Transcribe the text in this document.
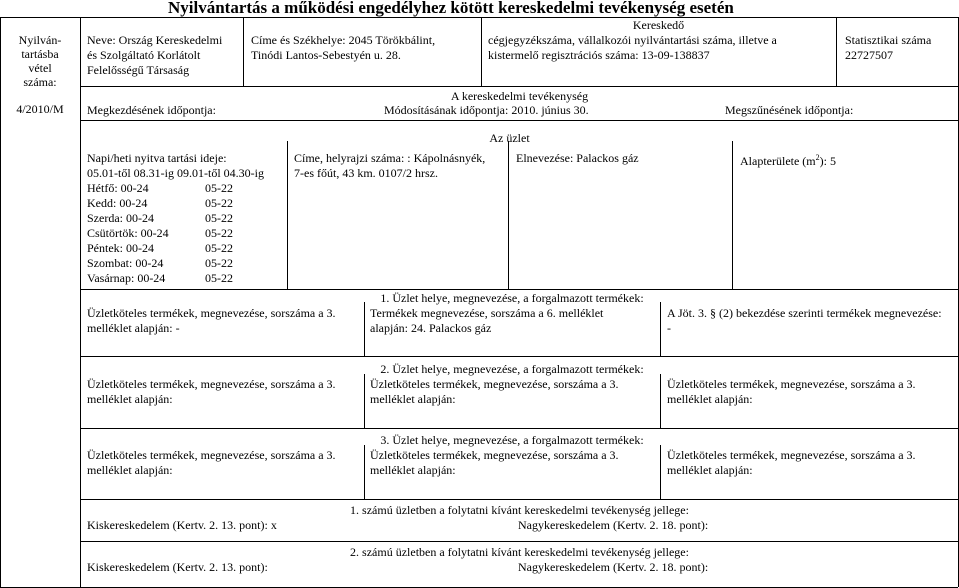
Nyilvántartás a működési engedélyhez kötött kereskedelmi tevékenység esetén
Nyilván-
tartásba
vétel
száma:
4/2010/M
Neve: Ország Kereskedelmi
és Szolgáltató Korlátolt
Felelősségű Társaság
Címe és Székhelye: 2045 Törökbálint,
Tinódi Lantos-Sebestyén u. 28.
Kereskedő
cégjegyzékszáma, vállalkozói nyilvántartási száma, illetve a
kistermelő regisztrációs száma: 13-09-138837
Statisztikai száma
22727507
A kereskedelmi tevékenység
Megkezdésének időpontja:	Módosításának időpontja: 2010. június 30.	Megszűnésének időpontja:
Az üzlet
Napi/heti nyitva tartási ideje:
05.01-től 08.31-ig 09.01-től 04.30-ig
Hétfő: 00-24	05-22
Kedd: 00-24	05-22
Szerda: 00-24	05-22
Csütörtök: 00-24	05-22
Péntek: 00-24	05-22
Szombat: 00-24	05-22
Vasárnap: 00-24	05-22
Címe, helyrajzi száma: : Kápolnásnyék,
7-es főút, 43 km. 0107/2 hrsz.
Elnevezése: Palackos gáz	Alapterülete $(m^2)$: 5
1. Üzlet helye, megnevezése, a forgalmazott termékek:
Üzletköteles termékek, megnevezése, sorszáma a 3.
melléklet alapján: -
Termékek megnevezése, sorszáma a 6. melléklet
alapján: 24. Palackos gáz
A Jöt. 3. § (2) bekezdése szerinti termékek megnevezése:
-
2. Üzlet helye, megnevezése, a forgalmazott termékek:
Üzletköteles termékek, megnevezése, sorszáma a 3.
melléklet alapján:
Üzletköteles termékek, megnevezése, sorszáma a 3.
melléklet alapján:
Üzletköteles termékek, megnevezése, sorszáma a 3.
melléklet alapján:
3. Üzlet helye, megnevezése, a forgalmazott termékek:
Üzletköteles termékek, megnevezése, sorszáma a 3.
melléklet alapján:
Üzletköteles termékek, megnevezése, sorszáma a 3.
melléklet alapján:
Üzletköteles termékek, megnevezése, sorszáma a 3.
melléklet alapján:
1. számú üzletben a folytatni kívánt kereskedelmi tevékenység jellege:
Kiskereskedelem (Kertv. 2. 13. pont): x	Nagykereskedelem (Kertv. 2. 18. pont):
2. számú üzletben a folytatni kívánt kereskedelmi tevékenység jellege:
Kiskereskedelem (Kertv. 2. 13. pont):	Nagykereskedelem (Kertv. 2. 18. pont):
